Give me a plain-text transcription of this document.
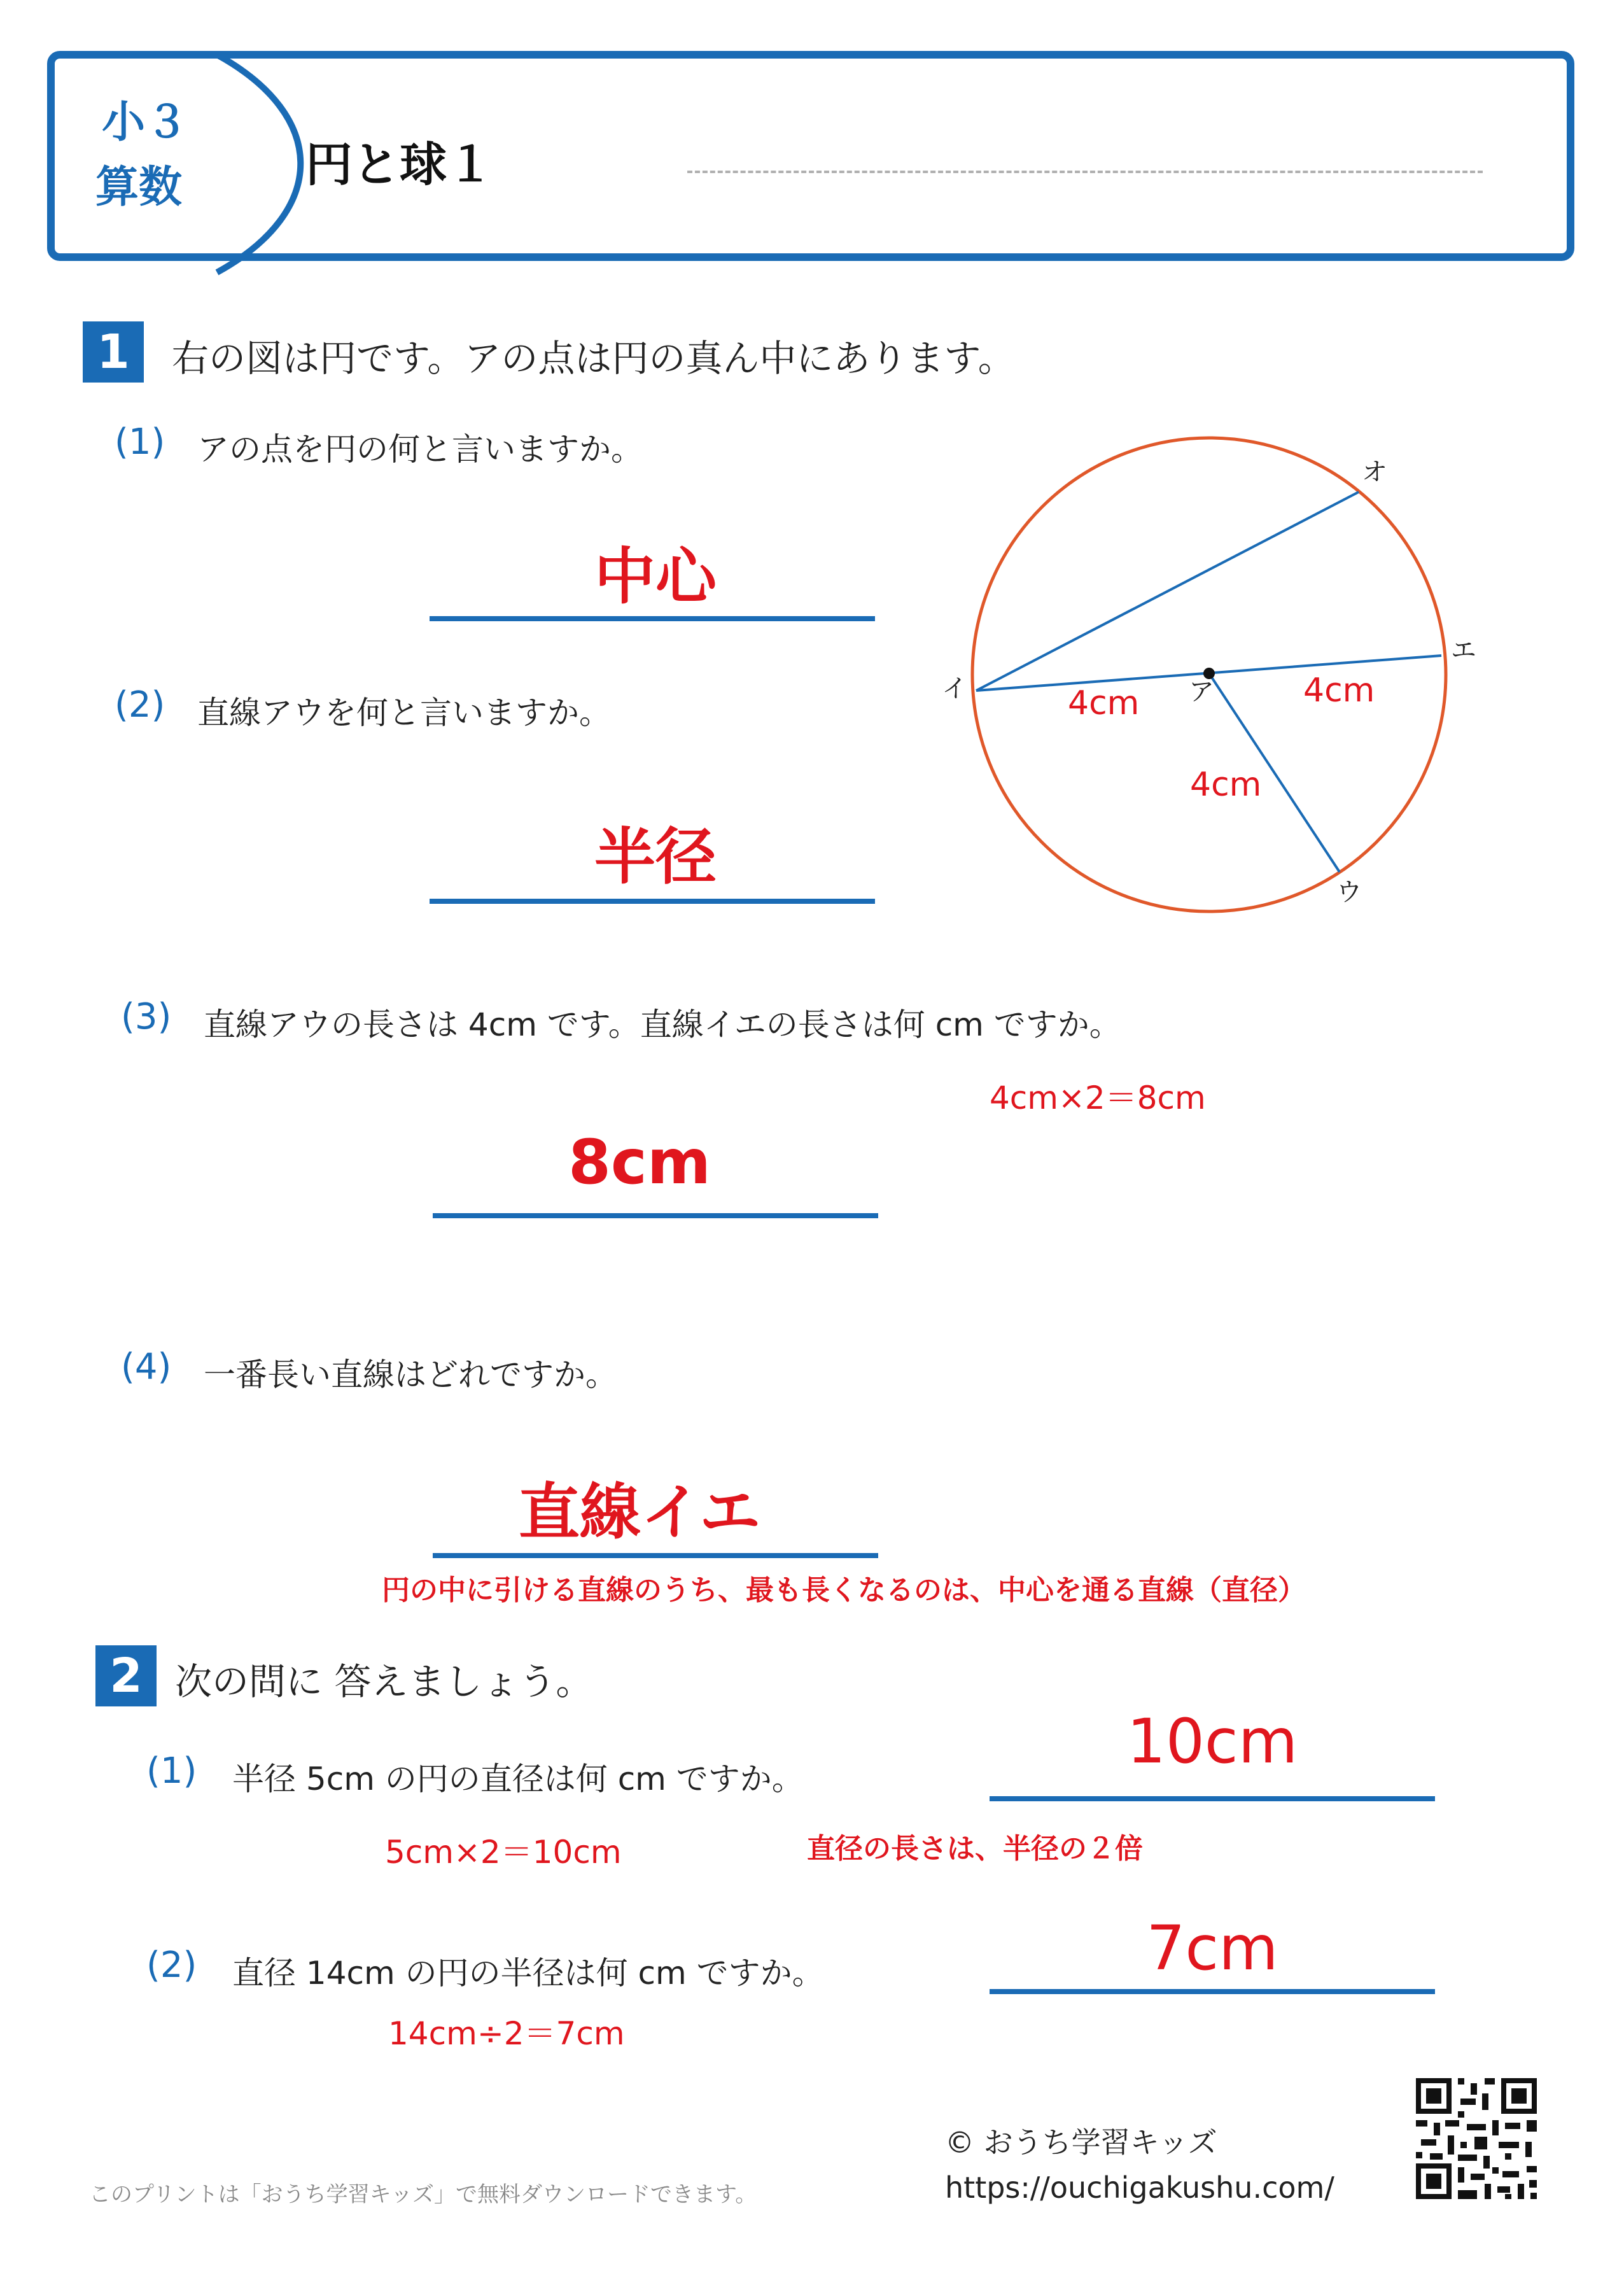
小３
算数	円と球１
1	右の図は円です。アの点は円の真ん中にあります。
(1) アの点を円の何と言いますか。
中心
(2) 直線アウを何と言いますか。
半径
(3) 直線アウの長さは 4cm です。直線イエの長さは何 cm ですか。
4cm×2＝8cm
8cm
(4) 一番長い直線はどれですか。
直線イエ
円の中に引ける直線のうち、最も長くなるのは、中心を通る直線（直径）
ア
イ
ウ
エ
オ
4cm	4cm
4cm
2 次の問に 答えましょう。
(1) 半径 5cm の円の直径は何 cm ですか。
10cm
5cm×2＝10cm	直径の長さは、半径の２倍
(2) 直径 14cm の円の半径は何 cm ですか。	7cm
14cm÷2＝7cm
© おうち学習キッズ
このプリントは「おうち学習キッズ」で無料ダウンロードできます。	https://ouchigakushu.com/
